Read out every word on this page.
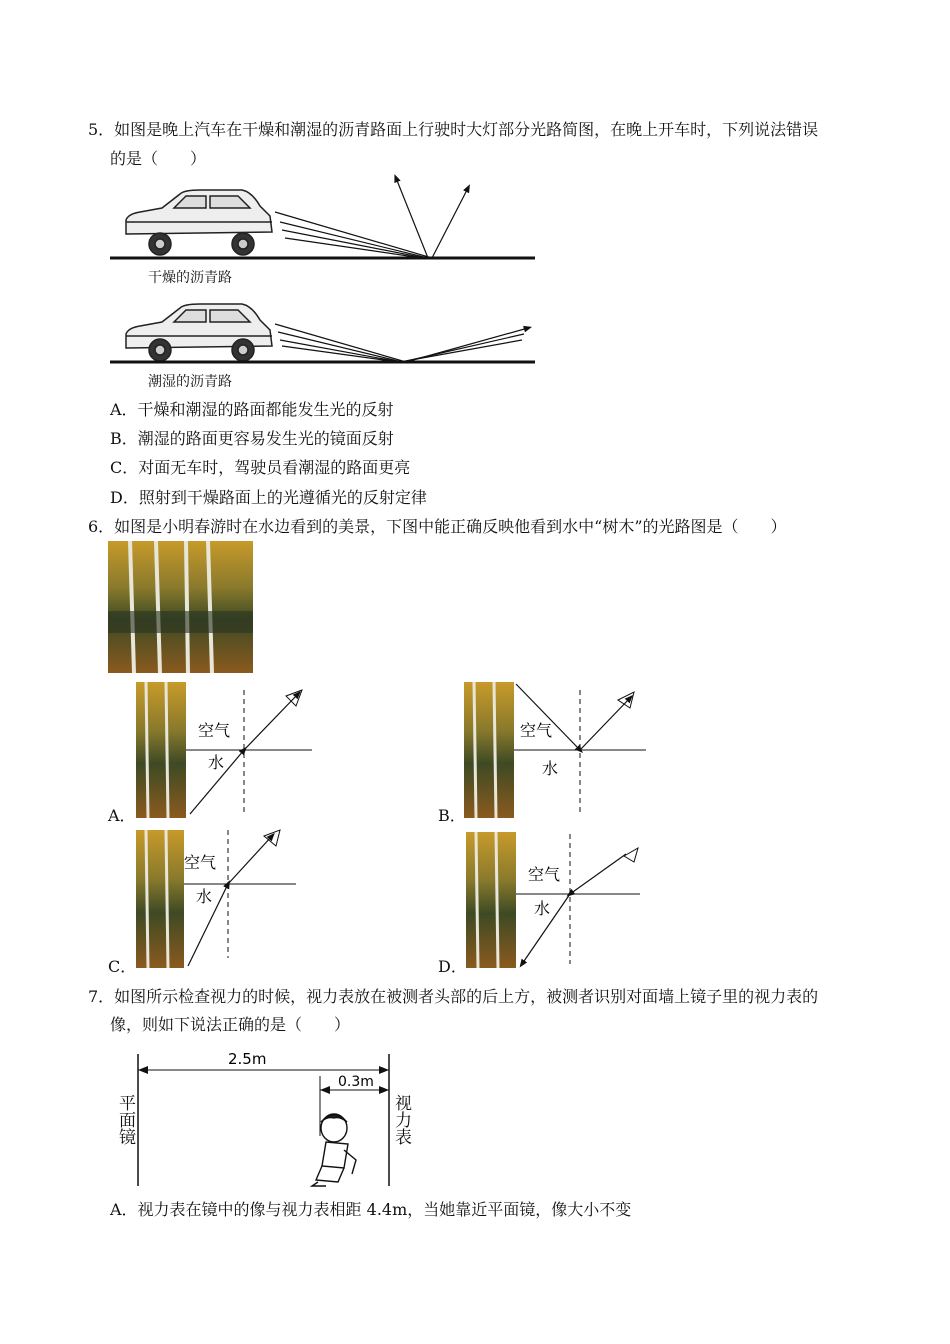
5．如图是晚上汽车在干燥和潮湿的沥青路面上行驶时大灯部分光路简图，在晚上开车时，下列说法错误
的是（　　）
干燥的沥青路
潮湿的沥青路
A．干燥和潮湿的路面都能发生光的反射
B．潮湿的路面更容易发生光的镜面反射
C．对面无车时，驾驶员看潮湿的路面更亮
D．照射到干燥路面上的光遵循光的反射定律
6．如图是小明春游时在水边看到的美景，下图中能正确反映他看到水中“树木”的光路图是（　　）
空气
水
A．
空气
水
B．
空气
水
C．
空气
水
D．
7．如图所示检查视力的时候，视力表放在被测者头部的后上方，被测者识别对面墙上镜子里的视力表的
像，则如下说法正确的是（　　）
2.5m
0.3m
平面镜	视力表
A．视力表在镜中的像与视力表相距 4.4m，当她靠近平面镜，像大小不变
